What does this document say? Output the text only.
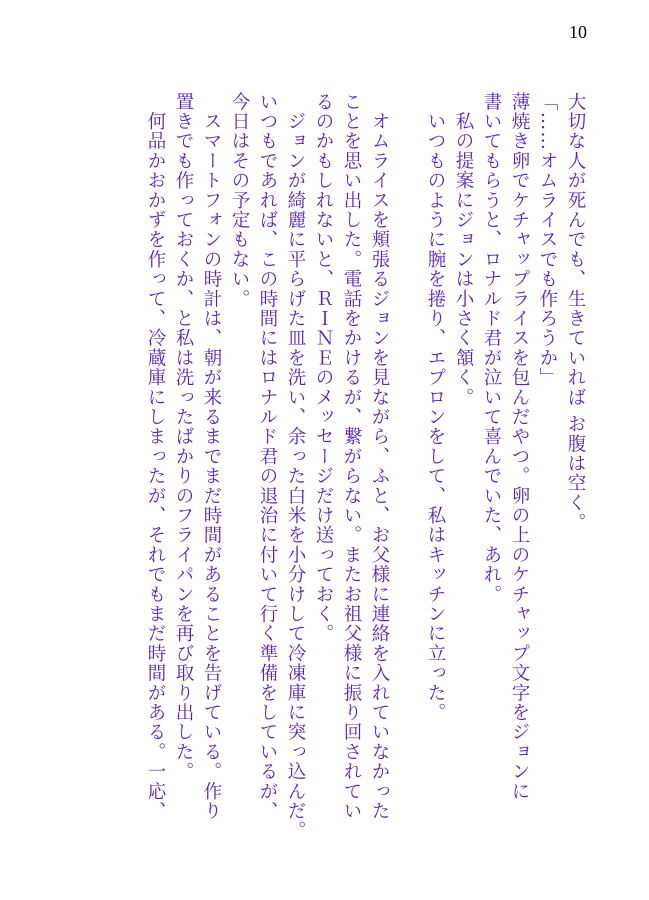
10
大切な人が死んでも、生きていれば お腹は空く。
「……オムライスでも作ろうか」
薄焼き卵でケチャップライスを包んだやつ。卵の上のケチャップ文字をジョンに
書いてもらうと、ロナルド君が泣いて喜んでいた、あれ。
　私の提案にジョンは小さく頷く。
　いつものように腕を捲り、エプロンをして、私はキッチンに立った。
　オムライスを頬張るジョンを見ながら、ふと、お父様に連絡を入れていなかった
ことを思い出した。電話をかけるが、繋がらない。またお祖父様に振り回されてい
るのかもしれないと、ＲＩＮＥのメッセージだけ送っておく。
　ジョンが綺麗に平らげた皿を洗い、余った白米を小分けして冷凍庫に突っ込んだ。
いつもであれば、この時間にはロナルド君の退治に付いて行く準備をしているが、
今日はその予定もない。
　スマートフォンの時計は、朝が来るまでまだ時間があることを告げている。作り
置きでも作っておくか、と私は洗ったばかりのフライパンを再び取り出した。
　何品かおかずを作って、冷蔵庫にしまったが、それでもまだ時間がある。一応、
